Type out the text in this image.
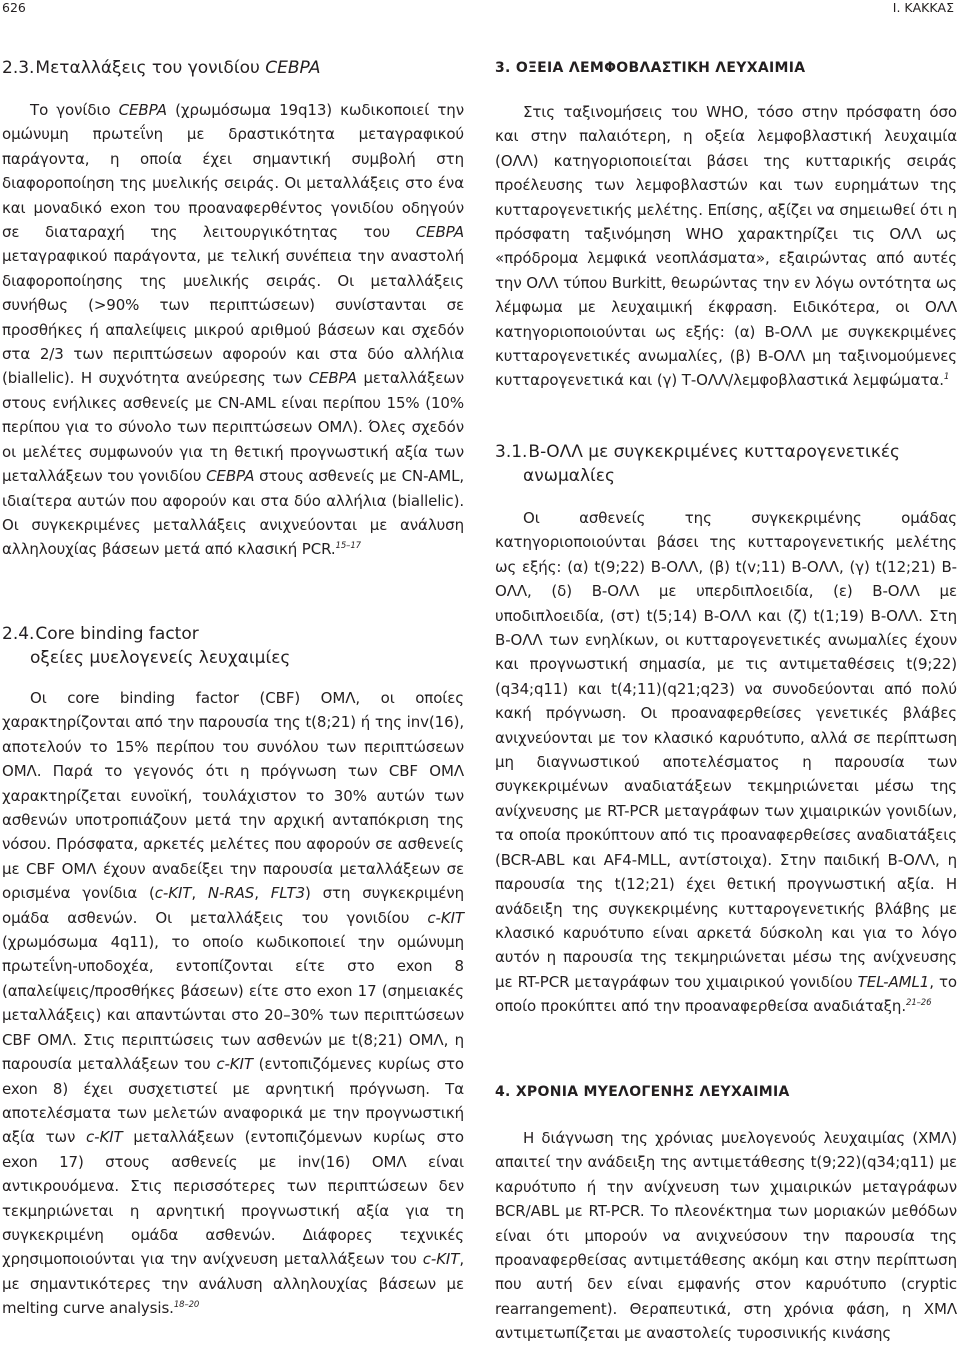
626	I. ΚΑΚΚΑΣ
2.3. Μεταλλάξεις του γονιδίου CEBPA

Το γονίδιο CEBPA (χρωμόσωμα 19q13) κωδικοποιεί την ομώνυμη πρωτεΐνη με δραστικότητα μεταγραφικού παράγοντα, η οποία έχει σημαντική συμβολή στη διαφοροποίηση της μυελικής σειράς. Οι μεταλλάξεις στο ένα και μοναδικό exon του προαναφερθέντος γονιδίου οδηγούν σε διαταραχή της λειτουργικότητας του CEBPA μεταγραφικού παράγοντα, με τελική συνέπεια την αναστολή διαφοροποίησης της μυελικής σειράς. Οι μεταλλάξεις συνήθως (>90% των περιπτώσεων) συνίστανται σε προσθήκες ή απαλείψεις μικρού αριθμού βάσεων και σχεδόν στα 2/3 των περιπτώσεων αφορούν και στα δύο αλλήλια (biallelic). Η συχνότητα ανεύρεσης των CEBPA μεταλλάξεων στους ενήλικες ασθενείς με CN-AML είναι περίπου 15% (10% περίπου για το σύνολο των περιπτώσεων ΟΜΛ). Όλες σχεδόν οι μελέτες συμφωνούν για τη θετική προγνωστική αξία των μεταλλάξεων του γονιδίου CEBPA στους ασθενείς με CN-AML, ιδιαίτερα αυτών που αφορούν και στα δύο αλλήλια (biallelic). Οι συγκεκριμένες μεταλλάξεις ανιχνεύονται με ανάλυση αλληλουχίας βάσεων μετά από κλασική PCR.$^{15-17}$

2.4. Core binding factor
οξείες μυελογενείς λευχαιμίες

Οι core binding factor (CBF) ΟΜΛ, οι οποίες χαρακτηρίζονται από την παρουσία της t(8;21) ή της inv(16), αποτελούν το 15% περίπου του συνόλου των περιπτώσεων ΟΜΛ. Παρά το γεγονός ότι η πρόγνωση των CBF ΟΜΛ χαρακτηρίζεται ευνοϊκή, τουλάχιστον το 30% αυτών των ασθενών υποτροπιάζουν μετά την αρχική ανταπόκριση της νόσου. Πρόσφατα, αρκετές μελέτες που αφορούν σε ασθενείς με CBF ΟΜΛ έχουν αναδείξει την παρουσία μεταλλάξεων σε ορισμένα γονίδια (c-KIT, N-RAS, FLT3) στη συγκεκριμένη ομάδα ασθενών. Οι μεταλλάξεις του γονιδίου c-KIT (χρωμόσωμα 4q11), το οποίο κωδικοποιεί την ομώνυμη πρωτεΐνη-υποδοχέα, εντοπίζονται είτε στο exon 8 (απαλείψεις/προσθήκες βάσεων) είτε στο exon 17 (σημειακές μεταλλάξεις) και απαντώνται στο 20–30% των περιπτώσεων CBF ΟΜΛ. Στις περιπτώσεις των ασθενών με t(8;21) ΟΜΛ, η παρουσία μεταλλάξεων του c-KIT (εντοπιζόμενες κυρίως στο exon 8) έχει συσχετιστεί με αρνητική πρόγνωση. Τα αποτελέσματα των μελετών αναφορικά με την προγνωστική αξία των c-KIT μεταλλάξεων (εντοπιζόμενων κυρίως στο exon 17) στους ασθενείς με inv(16) ΟΜΛ είναι αντικρουόμενα. Στις περισσότερες των περιπτώσεων δεν τεκμηριώνεται η αρνητική προγνωστική αξία για τη συγκεκριμένη ομάδα ασθενών. Διάφορες τεχνικές χρησιμοποιούνται για την ανίχνευση μεταλλάξεων του c-KIT, με σημαντικότερες την ανάλυση αλληλουχίας βάσεων με melting curve analysis.$^{18-20}$

3. ΟΞΕΙΑ ΛΕΜΦΟΒΛΑΣΤΙΚΗ ΛΕΥΧΑΙΜΙΑ

Στις ταξινομήσεις του WHO, τόσο στην πρόσφατη όσο και στην παλαιότερη, η οξεία λεμφοβλαστική λευχαιμία (ΟΛΛ) κατηγοριοποιείται βάσει της κυτταρικής σειράς προέλευσης των λεμφοβλαστών και των ευρημάτων της κυτταρογενετικής μελέτης. Επίσης, αξίζει να σημειωθεί ότι η πρόσφατη ταξινόμηση WHO χαρακτηρίζει τις ΟΛΛ ως «πρόδρομα λεμφικά νεοπλάσματα», εξαιρώντας από αυτές την ΟΛΛ τύπου Burkitt, θεωρώντας την εν λόγω οντότητα ως λέμφωμα με λευχαιμική έκφραση. Ειδικότερα, οι ΟΛΛ κατηγοριοποιούνται ως εξής: (α) Β-ΟΛΛ με συγκεκριμένες κυτταρογενετικές ανωμαλίες, (β) Β-ΟΛΛ μη ταξινομούμενες κυτταρογενετικά και (γ) Τ-ΟΛΛ/λεμφοβλαστικά λεμφώματα.$^1$

3.1. Β-ΟΛΛ με συγκεκριμένες κυτταρογενετικές
ανωμαλίες

Οι ασθενείς της συγκεκριμένης ομάδας κατηγοριοποιούνται βάσει της κυτταρογενετικής μελέτης ως εξής: (α) t(9;22) Β-ΟΛΛ, (β) t(v;11) Β-ΟΛΛ, (γ) t(12;21) Β-ΟΛΛ, (δ) Β-ΟΛΛ με υπερδιπλοειδία, (ε) Β-ΟΛΛ με υποδιπλοειδία, (στ) t(5;14) Β-ΟΛΛ και (ζ) t(1;19) Β-ΟΛΛ. Στη Β-ΟΛΛ των ενηλίκων, οι κυτταρογενετικές ανωμαλίες έχουν και προγνωστική σημασία, με τις αντιμεταθέσεις t(9;22)(q34;q11) και t(4;11)(q21;q23) να συνοδεύονται από πολύ κακή πρόγνωση. Οι προαναφερθείσες γενετικές βλάβες ανιχνεύονται με τον κλασικό καρυότυπο, αλλά σε περίπτωση μη διαγνωστικού αποτελέσματος η παρουσία των συγκεκριμένων αναδιατάξεων τεκμηριώνεται μέσω της ανίχνευσης με RT-PCR μεταγράφων των χιμαιρικών γονιδίων, τα οποία προκύπτουν από τις προαναφερθείσες αναδιατάξεις (BCR-ABL και AF4-MLL, αντίστοιχα). Στην παιδική Β-ΟΛΛ, η παρουσία της t(12;21) έχει θετική προγνωστική αξία. Η ανάδειξη της συγκεκριμένης κυτταρογενετικής βλάβης με κλασικό καρυότυπο είναι αρκετά δύσκολη και για το λόγο αυτόν η παρουσία της τεκμηριώνεται μέσω της ανίχνευσης με RT-PCR μεταγράφων του χιμαιρικού γονιδίου TEL-AML1, το οποίο προκύπτει από την προαναφερθείσα αναδιάταξη.$^{21-26}$

4. ΧΡΟΝΙΑ ΜΥΕΛΟΓΕΝΗΣ ΛΕΥΧΑΙΜΙΑ

Η διάγνωση της χρόνιας μυελογενούς λευχαιμίας (ΧΜΛ) απαιτεί την ανάδειξη της αντιμετάθεσης t(9;22)(q34;q11) με καρυότυπο ή την ανίχνευση των χιμαιρικών μεταγράφων BCR/ABL με RT-PCR. Το πλεονέκτημα των μοριακών μεθόδων είναι ότι μπορούν να ανιχνεύσουν την παρουσία της προαναφερθείσας αντιμετάθεσης ακόμη και στην περίπτωση που αυτή δεν είναι εμφανής στον καρυότυπο (cryptic rearrangement). Θεραπευτικά, στη χρόνια φάση, η ΧΜΛ αντιμετωπίζεται με αναστολείς τυροσινικής κινάσης
